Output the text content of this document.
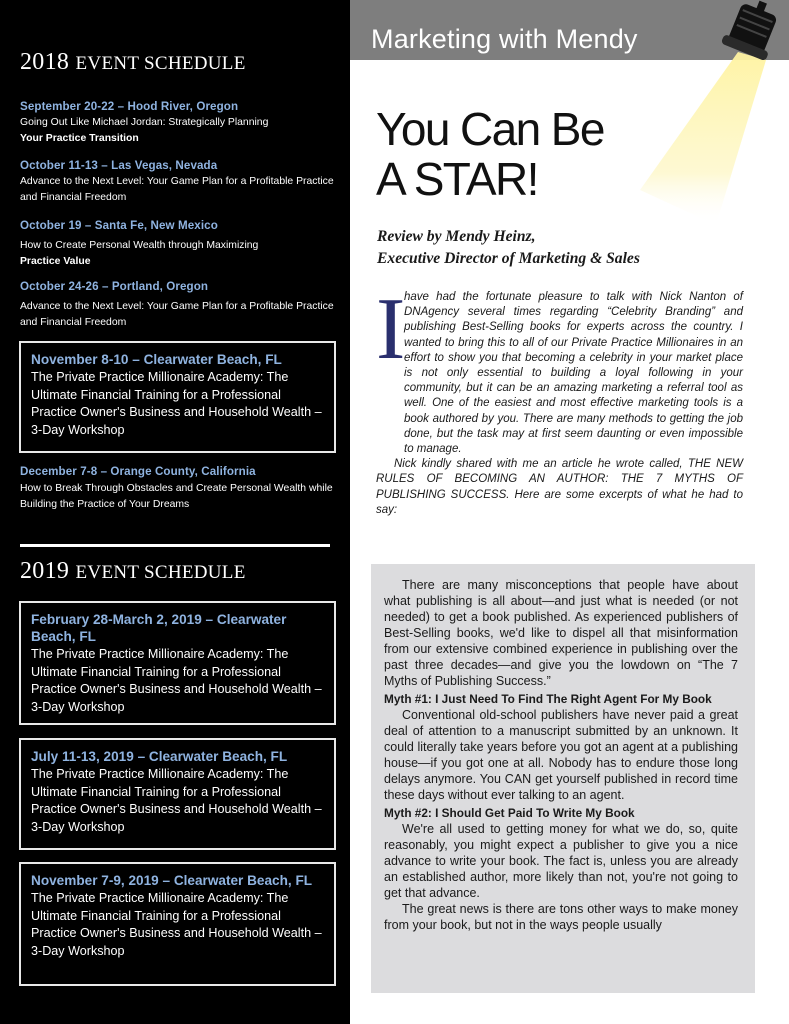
2018 EVENT SCHEDULE
September 20-22 – Hood River, Oregon
Going Out Like Michael Jordan: Strategically Planning
Your Practice Transition
October 11-13 – Las Vegas, Nevada
Advance to the Next Level: Your Game Plan for a Profitable Practice and Financial Freedom
October 19 – Santa Fe, New Mexico
How to Create Personal Wealth through Maximizing
Practice Value
October 24-26 – Portland, Oregon
Advance to the Next Level: Your Game Plan for a Profitable Practice and Financial Freedom
November 8-10 – Clearwater Beach, FL
The Private Practice Millionaire Academy: The Ultimate Financial Training for a Professional Practice Owner's Business and Household Wealth – 3-Day Workshop
December 7-8 – Orange County, California
How to Break Through Obstacles and Create Personal Wealth while Building the Practice of Your Dreams
2019 EVENT SCHEDULE
February 28-March 2, 2019 – Clearwater Beach, FL
The Private Practice Millionaire Academy: The Ultimate Financial Training for a Professional Practice Owner's Business and Household Wealth – 3-Day Workshop
July 11-13, 2019 – Clearwater Beach, FL
The Private Practice Millionaire Academy: The Ultimate Financial Training for a Professional Practice Owner's Business and Household Wealth – 3-Day Workshop
November 7-9, 2019 – Clearwater Beach, FL
The Private Practice Millionaire Academy: The Ultimate Financial Training for a Professional Practice Owner's Business and Household Wealth – 3-Day Workshop
Marketing with Mendy
You Can Be
A STAR!
Review by Mendy Heinz,
Executive Director of Marketing & Sales
I

have had the fortunate pleasure to talk with Nick Nanton of DNAgency several times regarding “Celebrity Branding” and publishing Best-Selling books for experts across the country. I wanted to bring this to all of our Private Practice Millionaires in an effort to show you that becoming a celebrity in your market place is not only essential to building a loyal following in your community, but it can be an amazing marketing a referral tool as well. One of the easiest and most effective marketing tools is a book authored by you. There are many methods to getting the job done, but the task may at first seem daunting or even impossible to manage.

Nick kindly shared with me an article he wrote called, THE NEW RULES OF BECOMING AN AUTHOR: THE 7 MYTHS OF PUBLISHING SUCCESS. Here are some excerpts of what he had to say:

There are many misconceptions that people have about what publishing is all about—and just what is needed (or not needed) to get a book published. As experienced publishers of Best-Selling books, we'd like to dispel all that misinformation from our extensive combined experience in publishing over the past three decades—and give you the lowdown on “The 7 Myths of Publishing Success.”

Myth #1: I Just Need To Find The Right Agent For My Book

Conventional old-school publishers have never paid a great deal of attention to a manuscript submitted by an unknown. It could literally take years before you got an agent at a publishing house—if you got one at all. Nobody has to endure those long delays anymore. You CAN get yourself published in record time these days without ever talking to an agent.

Myth #2: I Should Get Paid To Write My Book

We're all used to getting money for what we do, so, quite reasonably, you might expect a publisher to give you a nice advance to write your book. The fact is, unless you are already an established author, more likely than not, you're not going to get that advance.

The great news is there are tons other ways to make money from your book, but not in the ways people usually
